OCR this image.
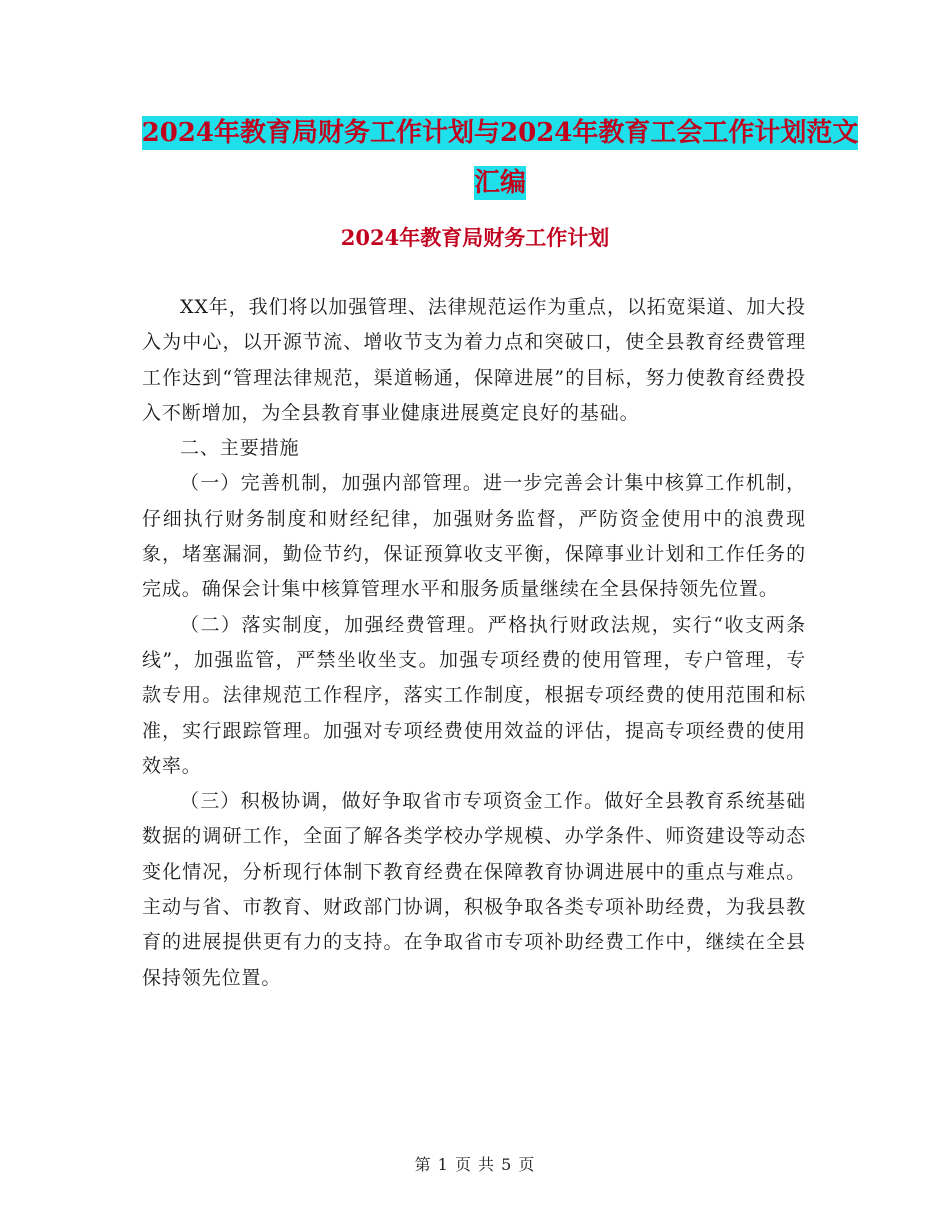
2024年教育局财务工作计划与2024年教育工会工作计划范文汇编
2024年教育局财务工作计划

XX年，我们将以加强管理、法律规范运作为重点，以拓宽渠道、加大投入为中心，以开源节流、增收节支为着力点和突破口，使全县教育经费管理工作达到“管理法律规范，渠道畅通，保障进展”的目标，努力使教育经费投入不断增加，为全县教育事业健康进展奠定良好的基础。

二、主要措施

（一）完善机制，加强内部管理。进一步完善会计集中核算工作机制，仔细执行财务制度和财经纪律，加强财务监督，严防资金使用中的浪费现象，堵塞漏洞，勤俭节约，保证预算收支平衡，保障事业计划和工作任务的完成。确保会计集中核算管理水平和服务质量继续在全县保持领先位置。

（二）落实制度，加强经费管理。严格执行财政法规，实行“收支两条线”，加强监管，严禁坐收坐支。加强专项经费的使用管理，专户管理，专款专用。法律规范工作程序，落实工作制度，根据专项经费的使用范围和标准，实行跟踪管理。加强对专项经费使用效益的评估，提高专项经费的使用效率。

（三）积极协调，做好争取省市专项资金工作。做好全县教育系统基础数据的调研工作，全面了解各类学校办学规模、办学条件、师资建设等动态变化情况，分析现行体制下教育经费在保障教育协调进展中的重点与难点。主动与省、市教育、财政部门协调，积极争取各类专项补助经费，为我县教育的进展提供更有力的支持。在争取省市专项补助经费工作中，继续在全县保持领先位置。

第 1 页 共 5 页
